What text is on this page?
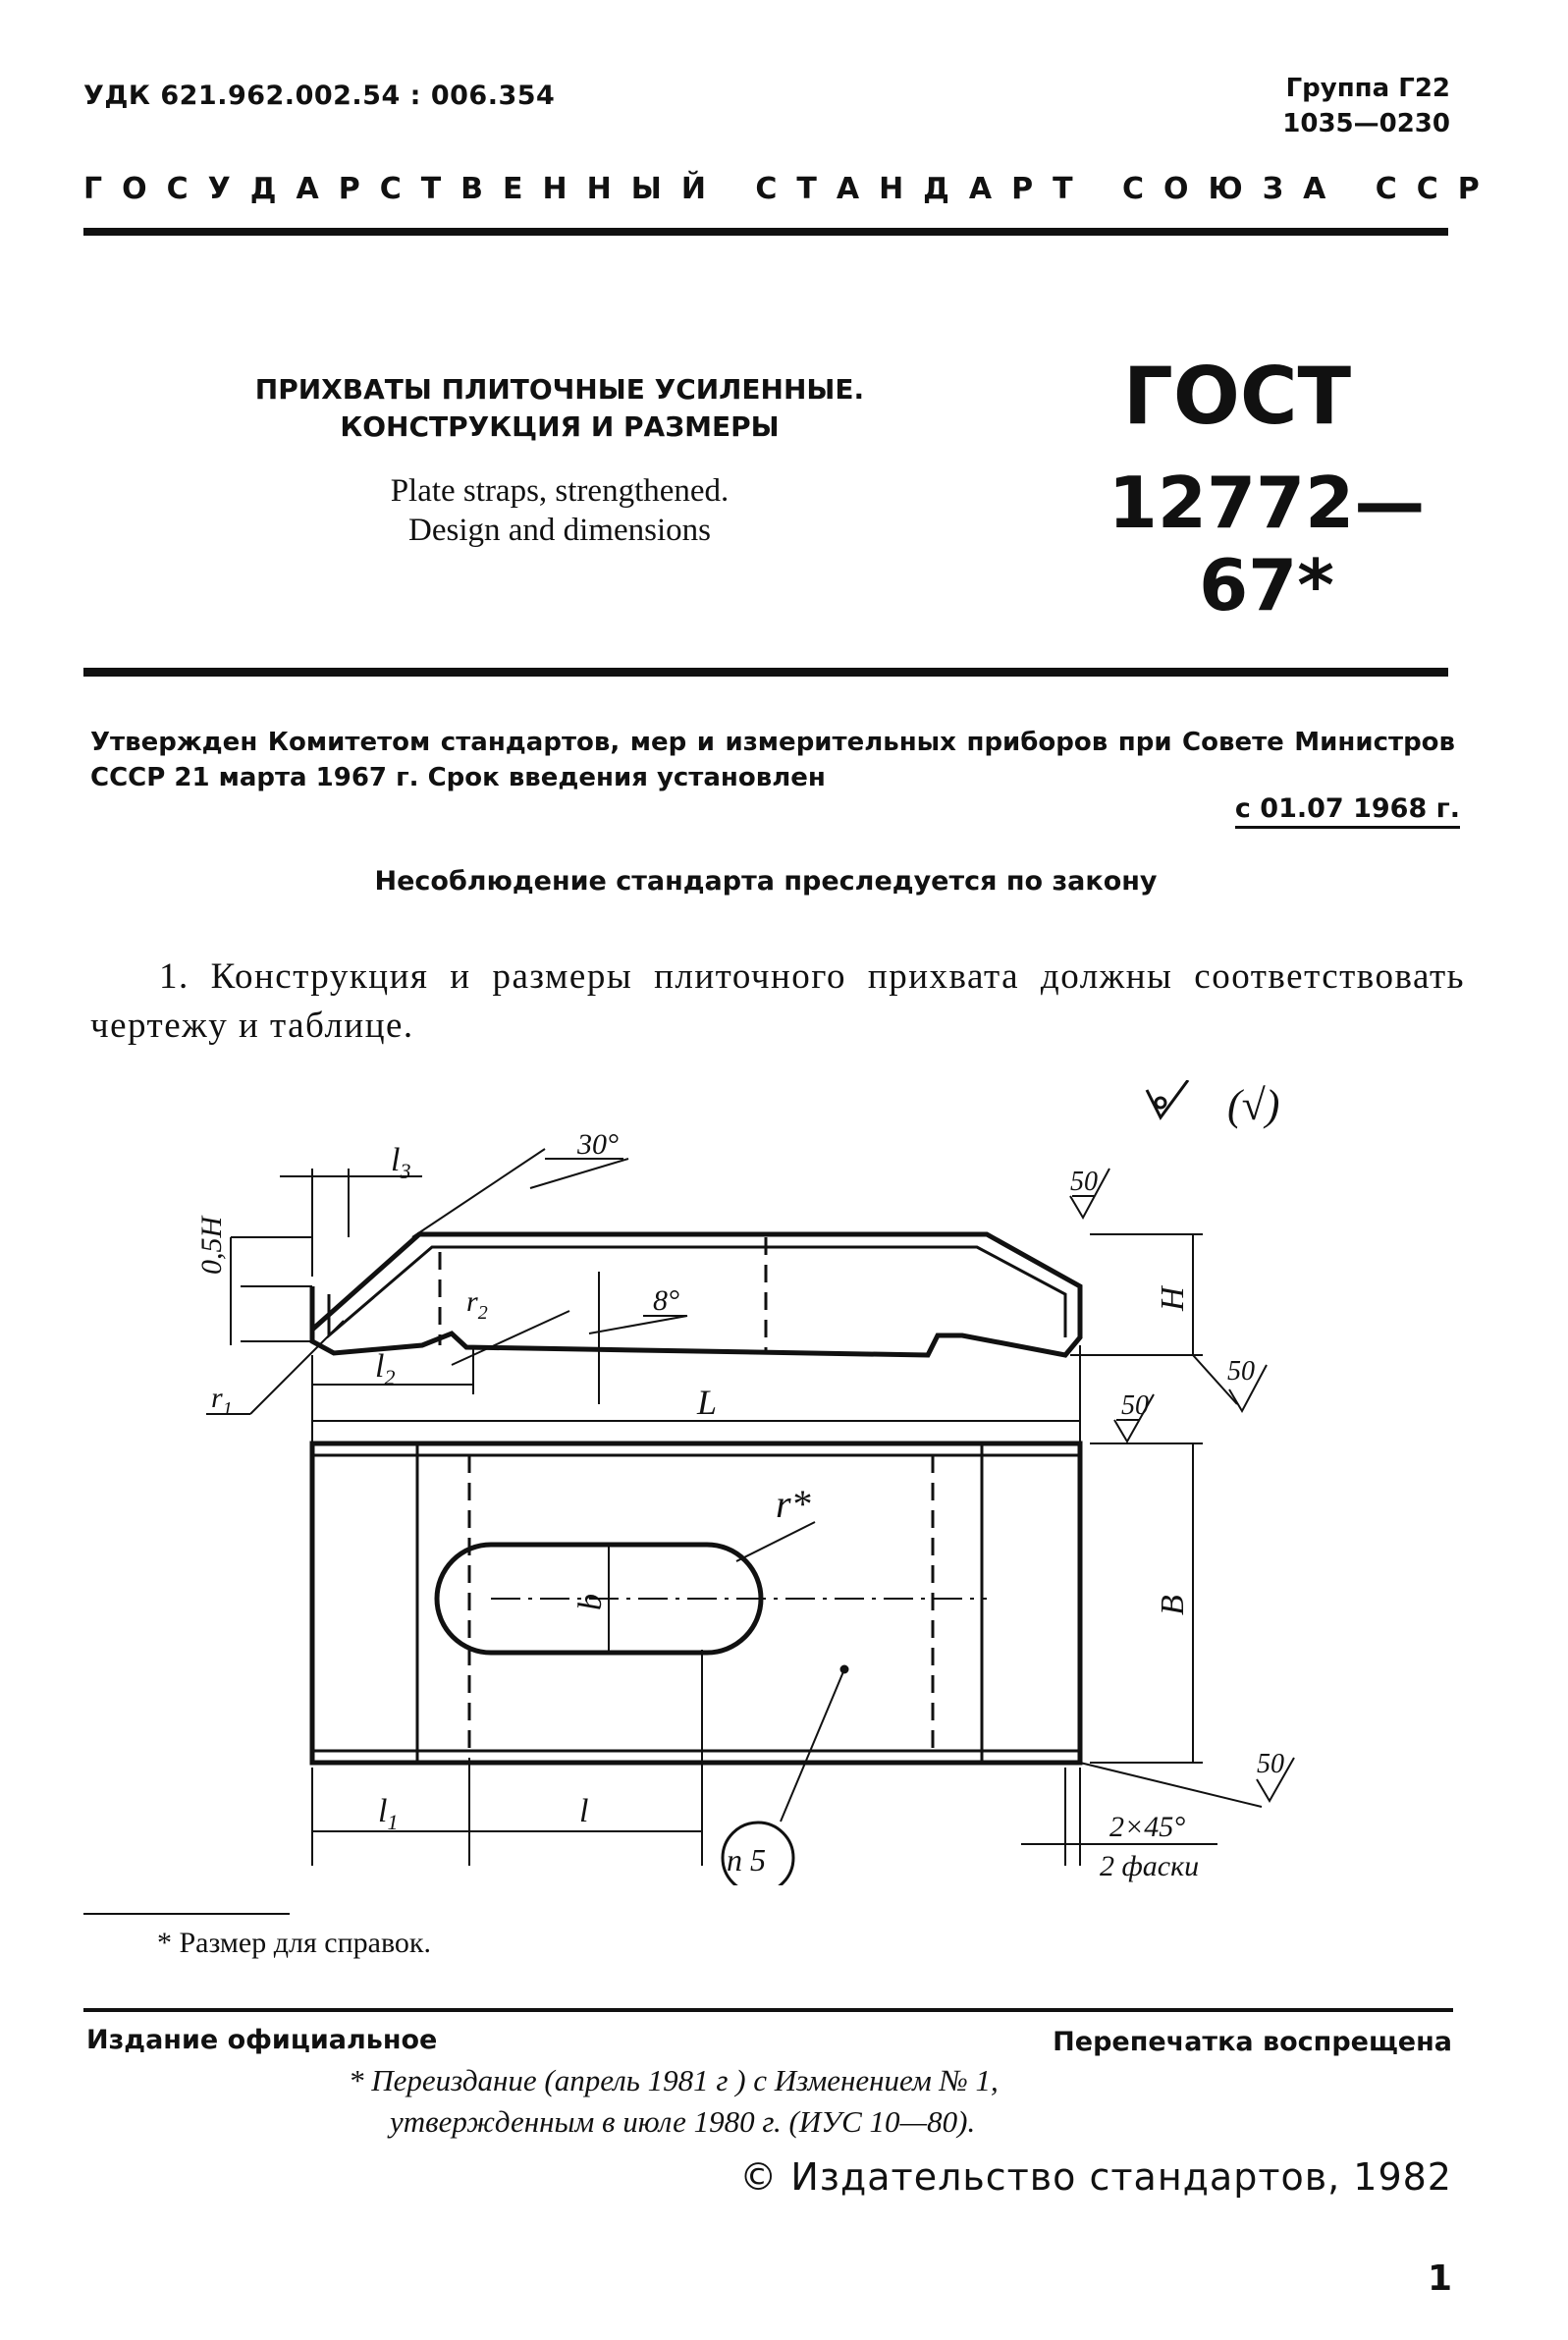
УДК 621.962.002.54 : 006.354	Группа Г22
1035—0230
ГОСУДАРСТВЕННЫЙ СТАНДАРТ СОЮЗА ССР
ПРИХВАТЫ ПЛИТОЧНЫЕ УСИЛЕННЫЕ.
КОНСТРУКЦИЯ И РАЗМЕРЫ
Plate straps, strengthened.
Design and dimensions
ГОСТ
12772—67*
Утвержден Комитетом стандартов, мер и измерительных приборов при Совете Министров СССР 21 марта 1967 г. Срок введения установлен
с 01.07 1968 г.
Несоблюдение стандарта преследуется по закону
1. Конструкция и размеры плиточного прихвата должны соответствовать чертежу и таблице.
(√)
0,5H
H
$l_3$
30°
8°
$r_2$
$r_1$
$l_2$
L
50
50
b
r*
B
50
50
$l_1$	l
n 5
2×45°
2 фаски
* Размер для справок.
Издание официальное	Перепечатка воспрещена
* Переиздание (апрель 1981 г ) с Изменением № 1,
утвержденным в июле 1980 г. (ИУС 10—80).
© Издательство стандартов, 1982
1
